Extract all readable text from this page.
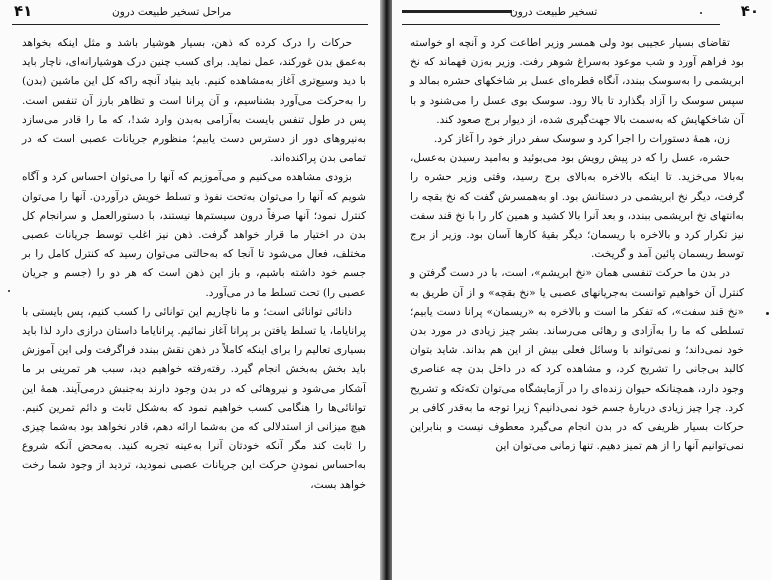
۴۱	مراحل تسخیر طبیعت درون

حرکات را درک کرده که ذهن، بسیار هوشیار باشد و مثل اینکه بخواهد به‌عمق بدن غورکند، عمل نماید. برای کسب چنین درک هوشیارانه‌ای، ناچار باید با دید وسیع‌تری آغاز به‌مشاهده کنیم. باید بنیاد آنچه راکه کل این ماشین (بدن) را به‌حرکت می‌آورد بشناسیم، و آن پرانا است و تظاهر بارز آن تنفس است. پس در طول تنفس بایست به‌آرامی به‌بدن وارد شد!، که ما را قادر می‌سازد به‌نیروهای دور از دسترس دست یابیم؛ منظورم جریانات عصبی است که در تمامی بدن پراکنده‌اند.

بزودی مشاهده می‌کنیم و می‌آموزیم که آنها را می‌توان احساس کرد و آگاه شویم که آنها را می‌توان به‌تحت نفوذ و تسلط خویش درآوردن. آنها را می‌توان کنترل نمود؛ آنها صرفاً درون سیستم‌ها نیستند، با دستورالعمل و سرانجام کل بدن در اختیار ما قرار خواهد گرفت. ذهن نیز اغلب توسط جریانات عصبی مختلف، فعال می‌شود تا آنجا که به‌حالتی می‌توان رسید که کنترل کامل را بر جسم خود داشته باشیم، و باز این ذهن است که هر دو را (جسم و جریان عصبی را) تحت تسلط ما در می‌آورد.

دانائی توانائی است؛ و ما ناچاریم این توانائی را کسب کنیم، پس بایستی با پرانایاما، یا تسلط یافتن بر پرانا آغاز نمائیم. پرانایاما داستان درازی دارد لذا باید بسیاری تعالیم را برای اینکه کاملاً در ذهن نقش ببندد فراگرفت ولی این آموزش باید بخش به‌بخش انجام گیرد. رفته‌رفته خواهیم دید، سبب هر تمرینی بر ما آشکار می‌شود و نیروهائی که در بدن وجود دارند به‌جنبش درمی‌آیند. همهٔ این توانائی‌ها را هنگامی کسب خواهیم نمود که به‌شکل ثابت و دائم تمرین کنیم. هیچ میزانی از استدلالی که من به‌شما ارائه دهم، قادر نخواهد بود به‌شما چیزی را ثابت کند مگر آنکه خودتان آنرا به‌عینه تجربه کنید. به‌محض آنکه شروع به‌احساس نمودنِ حرکت این جریانات عصبی نمودید، تردید از وجود شما رخت خواهد بست،

تسخیر طبیعت درون	۴۰

تقاضای بسیار عجیبی بود ولی همسر وزیر اطاعت کرد و آنچه او خواسته بود فراهم آورد و شب موعود به‌سراغ شوهر رفت. وزیر به‌زن فهماند که نخ ابریشمی را به‌سوسک ببندد، آنگاه قطره‌ای عسل بر شاخکهای حشره بمالد و سپس سوسک را آزاد بگذارد تا بالا رود. سوسک بوی عسل را می‌شنود و با آن شاخکهایش که به‌سمت بالا جهت‌گیری شده، از دیوار برج صعود کند.

زن، همهٔ دستورات را اجرا کرد و سوسک سفر دراز خود را آغاز کرد.

حشره، عسل را که در پیش رویش بود می‌بوئید و به‌امید رسیدن به‌عسل، به‌بالا می‌خزید. تا اینکه بالاخره به‌بالای برج رسید، وقتی وزیر حشره را گرفت، دیگر نخ ابریشمی در دستانش بود. او به‌همسرش گفت که نخ بقچه را به‌انتهای نخ ابریشمی ببندد، و بعد آنرا بالا کشید و همین کار را با نخ قند سفت نیز تکرار کرد و بالاخره با ریسمان؛ دیگر بقیهٔ کارها آسان بود. وزیر از برج توسط ریسمان پائین آمد و گریخت.

در بدن ما حرکت تنفسی همان «نخ ابریشم»، است، با در دست گرفتن و کنترل آن خواهیم توانست به‌جریانهای عصبی یا «نخ بقچه» و از آن طریق به «نخ قند سفت»، که تفکر ما است و بالاخره به «ریسمان» پرانا دست یابیم؛ تسلطی که ما را به‌آزادی و رهائی می‌رساند. بشر چیز زیادی در مورد بدن خود نمی‌داند؛ و نمی‌تواند با وسائل فعلی بیش از این هم بداند. شاید بتوان کالبد بی‌جانی را تشریح کرد، و مشاهده کرد که در داخل بدن چه عناصری وجود دارد، همچنانکه حیوان زنده‌ای را در آزمایشگاه می‌توان تکه‌تکه و تشریح کرد. چرا چیز زیادی دربارهٔ جسم خود نمی‌دانیم؟ زیرا توجه ما به‌قدر کافی بر حرکات بسیار ظریفی که در بدن انجام می‌گیرد معطوف نیست و بنابراین نمی‌توانیم آنها را از هم تمیز دهیم. تنها زمانی می‌توان این
